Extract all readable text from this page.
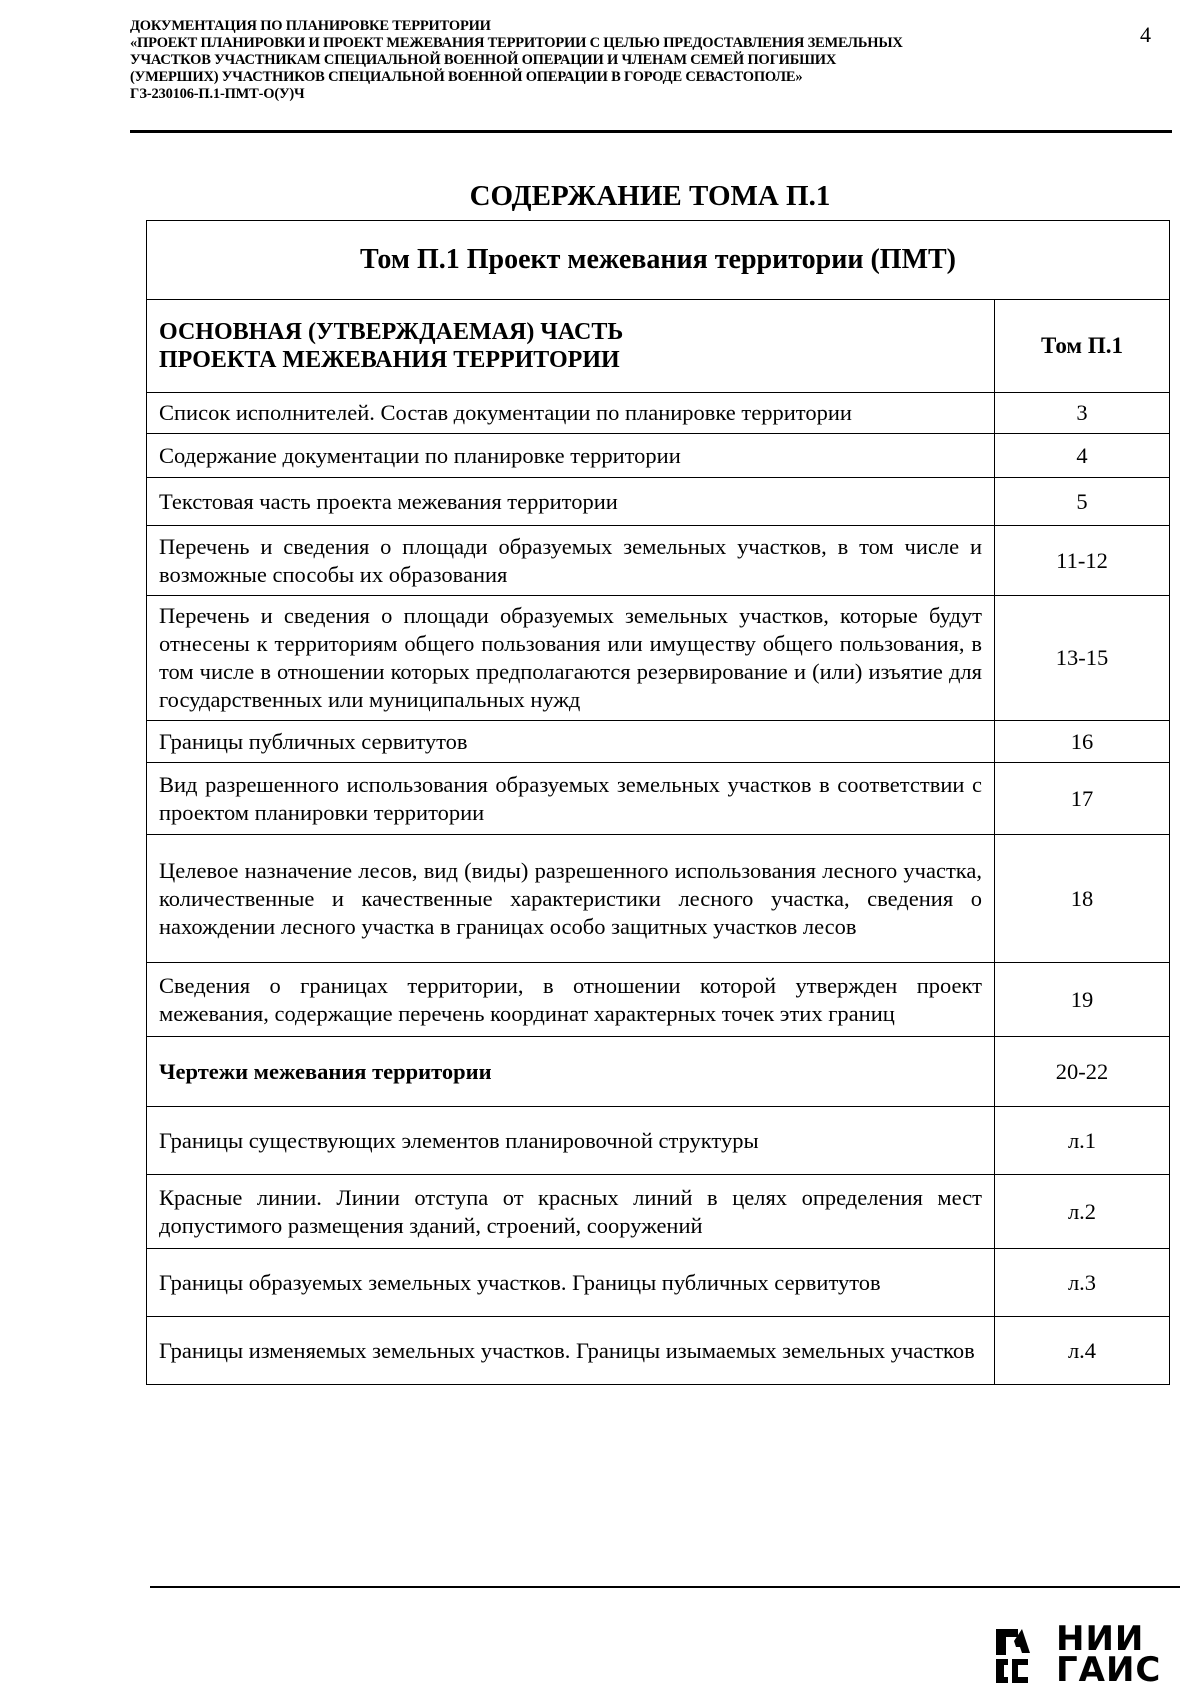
ДОКУМЕНТАЦИЯ ПО ПЛАНИРОВКЕ ТЕРРИТОРИИ
«ПРОЕКТ ПЛАНИРОВКИ И ПРОЕКТ МЕЖЕВАНИЯ ТЕРРИТОРИИ С ЦЕЛЬЮ ПРЕДОСТАВЛЕНИЯ ЗЕМЕЛЬНЫХ
УЧАСТКОВ УЧАСТНИКАМ СПЕЦИАЛЬНОЙ ВОЕННОЙ ОПЕРАЦИИ И ЧЛЕНАМ СЕМЕЙ ПОГИБШИХ
(УМЕРШИХ) УЧАСТНИКОВ СПЕЦИАЛЬНОЙ ВОЕННОЙ ОПЕРАЦИИ В ГОРОДЕ СЕВАСТОПОЛЕ»
ГЗ-230106-П.1-ПМТ-О(У)Ч
4
СОДЕРЖАНИЕ ТОМА П.1
Том П.1 Проект межевания территории (ПМТ)	

ОСНОВНАЯ (УТВЕРЖДАЕМАЯ) ЧАСТЬ
ПРОЕКТА МЕЖЕВАНИЯ ТЕРРИТОРИИ	Том П.1
Список исполнителей. Состав документации по планировке территории	3
Содержание документации по планировке территории	4
Текстовая часть проекта межевания территории	5
Перечень и сведения о площади образуемых земельных участков, в том числе и возможные способы их образования	11-12
Перечень и сведения о площади образуемых земельных участков, которые будут отнесены к территориям общего пользования или имуществу общего пользования, в том числе в отношении которых предполагаются резервирование и (или) изъятие для государственных или муниципальных нужд	13-15
Границы публичных сервитутов	16
Вид разрешенного использования образуемых земельных участков в соответствии с проектом планировки территории	17
Целевое назначение лесов, вид (виды) разрешенного использования лесного участка, количественные и качественные характеристики лесного участка, сведения о нахождении лесного участка в границах особо защитных участков лесов	18
Сведения о границах территории, в отношении которой утвержден проект межевания, содержащие перечень координат характерных точек этих границ	19
Чертежи межевания территории	20-22
Границы существующих элементов планировочной структуры	л.1
Красные линии. Линии отступа от красных линий в целях определения мест допустимого размещения зданий, строений, сооружений	л.2
Границы образуемых земельных участков. Границы публичных сервитутов	л.3
Границы изменяемых земельных участков. Границы изымаемых земельных участков	л.4
НИИ
ГАИС
